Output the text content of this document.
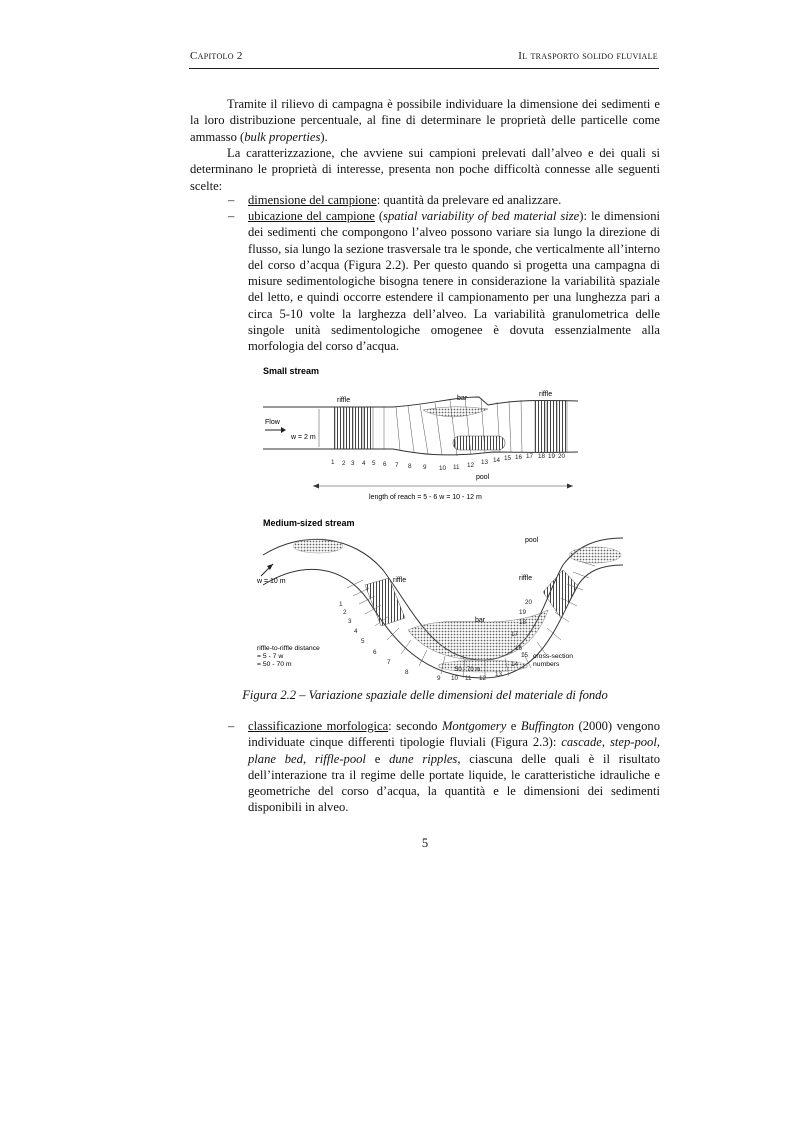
Capitolo 2	Il trasporto solido fluviale

Tramite il rilievo di campagna è possibile individuare la dimensione dei sedimenti e la loro distribuzione percentuale, al fine di determinare le proprietà delle particelle come ammasso (bulk properties).

La caratterizzazione, che avviene sui campioni prelevati dall’alveo e dei quali si determinano le proprietà di interesse, presenta non poche difficoltà connesse alle seguenti scelte:

– dimensione del campione: quantità da prelevare ed analizzare.

– ubicazione del campione (spatial variability of bed material size): le dimensioni dei sedimenti che compongono l’alveo possono variare sia lungo la direzione di flusso, sia lungo la sezione trasversale tra le sponde, che verticalmente all’interno del corso d’acqua (Figura 2.2). Per questo quando si progetta una campagna di misure sedimentologiche bisogna tenere in considerazione la variabilità spaziale del letto, e quindi occorre estendere il campionamento per una lunghezza pari a circa 5-10 volte la larghezza dell’alveo. La variabilità granulometrica delle singole unità sedimentologiche omogenee è dovuta essenzialmente alla morfologia del corso d’acqua.

Small stream
riffle	bar
riffle
Flow
w = 2 m
1 2 3 4 5 6 7 8 9 10 11 12 13 14 15 16 17 18 19 20
pool
length of reach = 5 - 6 w = 10 - 12 m
Medium-sized stream
pool
w = 10 m	riffle	riffle
bar
riffle-to-riffle distance
= 5 - 7 w
= 50 - 70 m
cross-section
numbers
50 - 70 m
1
2
3
4
5
6
7
8
9 10 11 12
13
14
15
16
17
18
19
20
Figura 2.2 – Variazione spaziale delle dimensioni del materiale di fondo
– classificazione morfologica: secondo Montgomery e Buffington (2000) vengono individuate cinque differenti tipologie fluviali (Figura 2.3): cascade, step-pool, plane bed, riffle-pool e dune ripples, ciascuna delle quali è il risultato dell’interazione tra il regime delle portate liquide, le caratteristiche idrauliche e geometriche del corso d’acqua, la quantità e le dimensioni dei sedimenti disponibili in alveo.

5
